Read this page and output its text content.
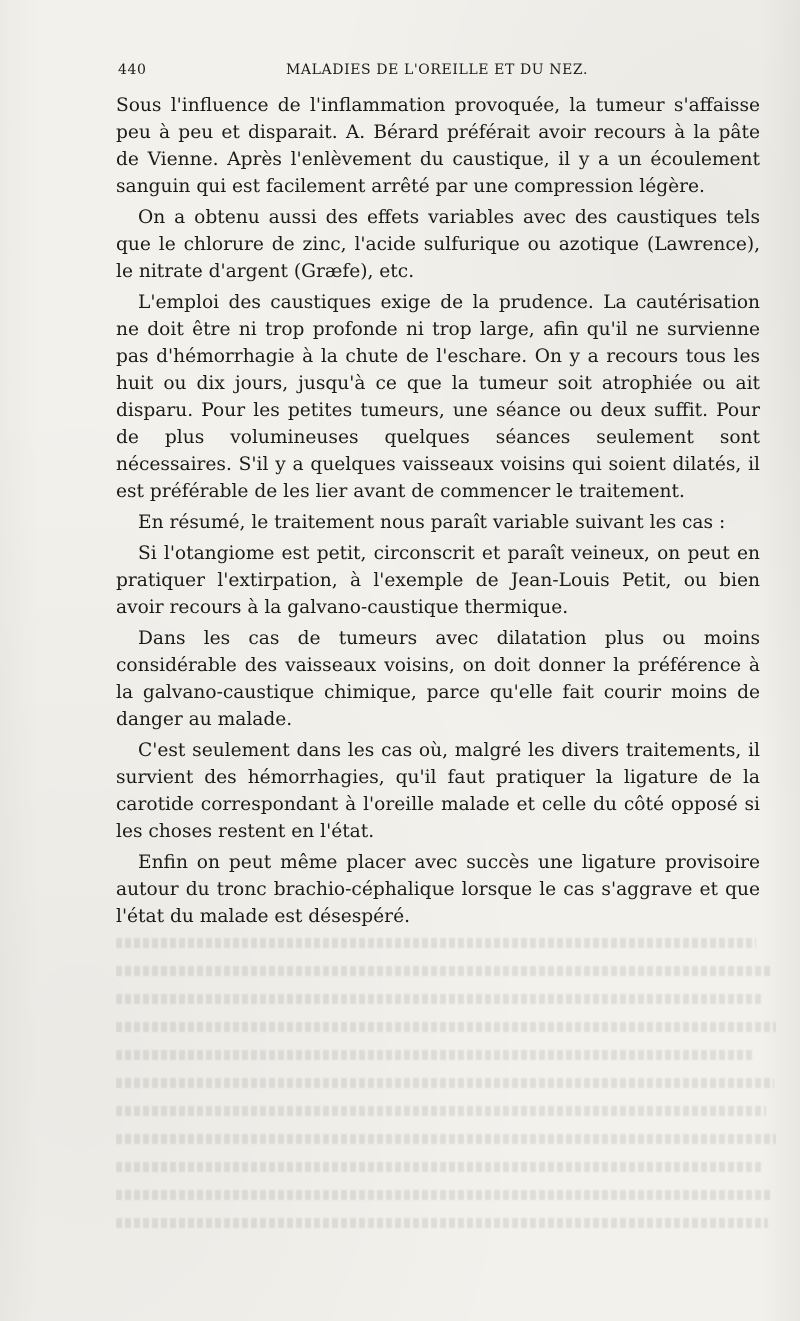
440	MALADIES DE L'OREILLE ET DU NEZ.

Sous l'influence de l'inflammation provoquée, la tumeur s'affaisse peu à peu et disparait. A. Bérard préférait avoir recours à la pâte de Vienne. Après l'enlèvement du caustique, il y a un écoulement sanguin qui est facilement arrêté par une compression légère.

On a obtenu aussi des effets variables avec des caustiques tels que le chlorure de zinc, l'acide sulfurique ou azotique (Lawrence), le nitrate d'argent (Græfe), etc.

L'emploi des caustiques exige de la prudence. La cautérisation ne doit être ni trop profonde ni trop large, afin qu'il ne survienne pas d'hémorrhagie à la chute de l'eschare. On y a recours tous les huit ou dix jours, jusqu'à ce que la tumeur soit atrophiée ou ait disparu. Pour les petites tumeurs, une séance ou deux suffit. Pour de plus volumineuses quelques séances seulement sont nécessaires. S'il y a quelques vaisseaux voisins qui soient dilatés, il est préférable de les lier avant de commencer le traitement.

En résumé, le traitement nous paraît variable suivant les cas :

Si l'otangiome est petit, circonscrit et paraît veineux, on peut en pratiquer l'extirpation, à l'exemple de Jean-Louis Petit, ou bien avoir recours à la galvano-caustique thermique.

Dans les cas de tumeurs avec dilatation plus ou moins considérable des vaisseaux voisins, on doit donner la préférence à la galvano-caustique chimique, parce qu'elle fait courir moins de danger au malade.

C'est seulement dans les cas où, malgré les divers traitements, il survient des hémorrhagies, qu'il faut pratiquer la ligature de la carotide correspondant à l'oreille malade et celle du côté opposé si les choses restent en l'état.

Enfin on peut même placer avec succès une ligature provisoire autour du tronc brachio-céphalique lorsque le cas s'aggrave et que l'état du malade est désespéré.
